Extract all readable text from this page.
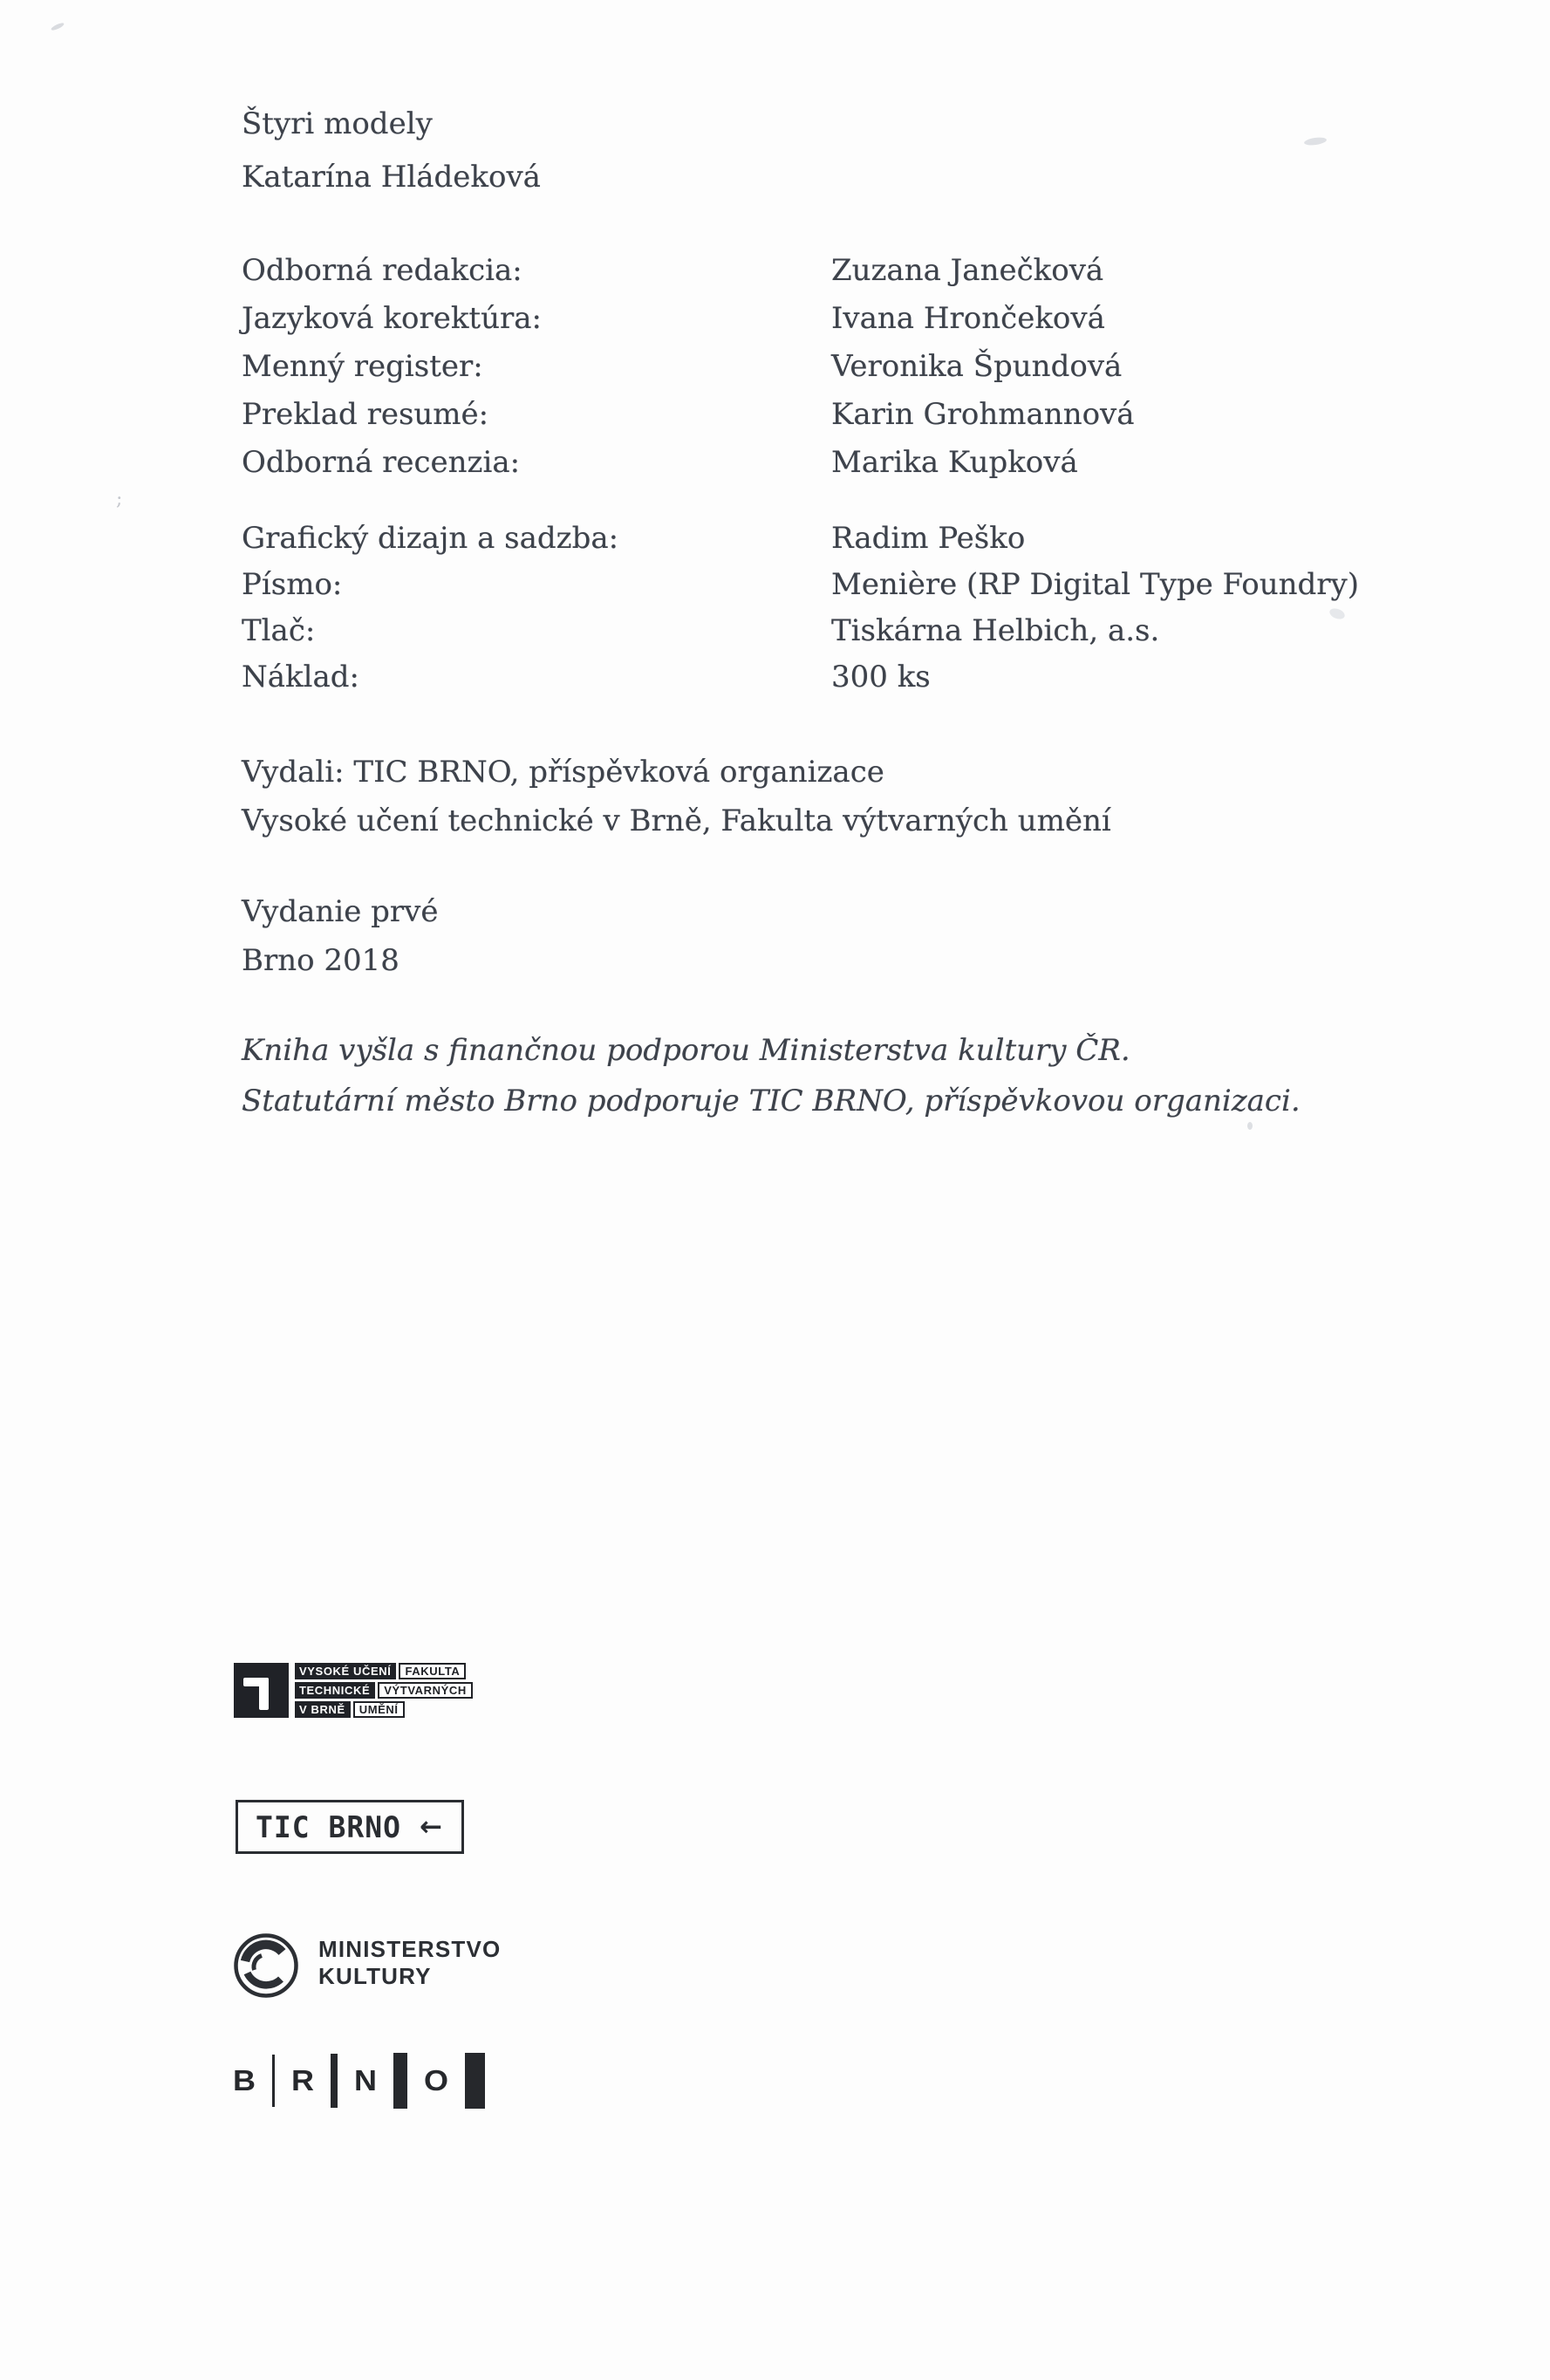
Štyri modely
Katarína Hládeková
Odborná redakcia:	Zuzana Janečková
Jazyková korektúra:	Ivana Hrončeková
Menný register:	Veronika Špundová
Preklad resumé:	Karin Grohmannová
Odborná recenzia:	Marika Kupková
Grafický dizajn a sadzba:	Radim Peško
Písmo:	Menière (RP Digital Type Foundry)
Tlač:	Tiskárna Helbich, a.s.
Náklad:	300 ks
Vydali: TIC BRNO, příspěvková organizace
Vysoké učení technické v Brně, Fakulta výtvarných umění
Vydanie prvé
Brno 2018
Kniha vyšla s finančnou podporou Ministerstva kultury ČR.
Statutární město Brno podporuje TIC BRNO, příspěvkovou organizaci.
VYSOKÉ UČENÍ	FAKULTA
TECHNICKÉ	VÝTVARNÝCH
V BRNĚ	UMĚNÍ
TIC BRNO ←
MINISTERSTVO
KULTURY
B R N O
;
